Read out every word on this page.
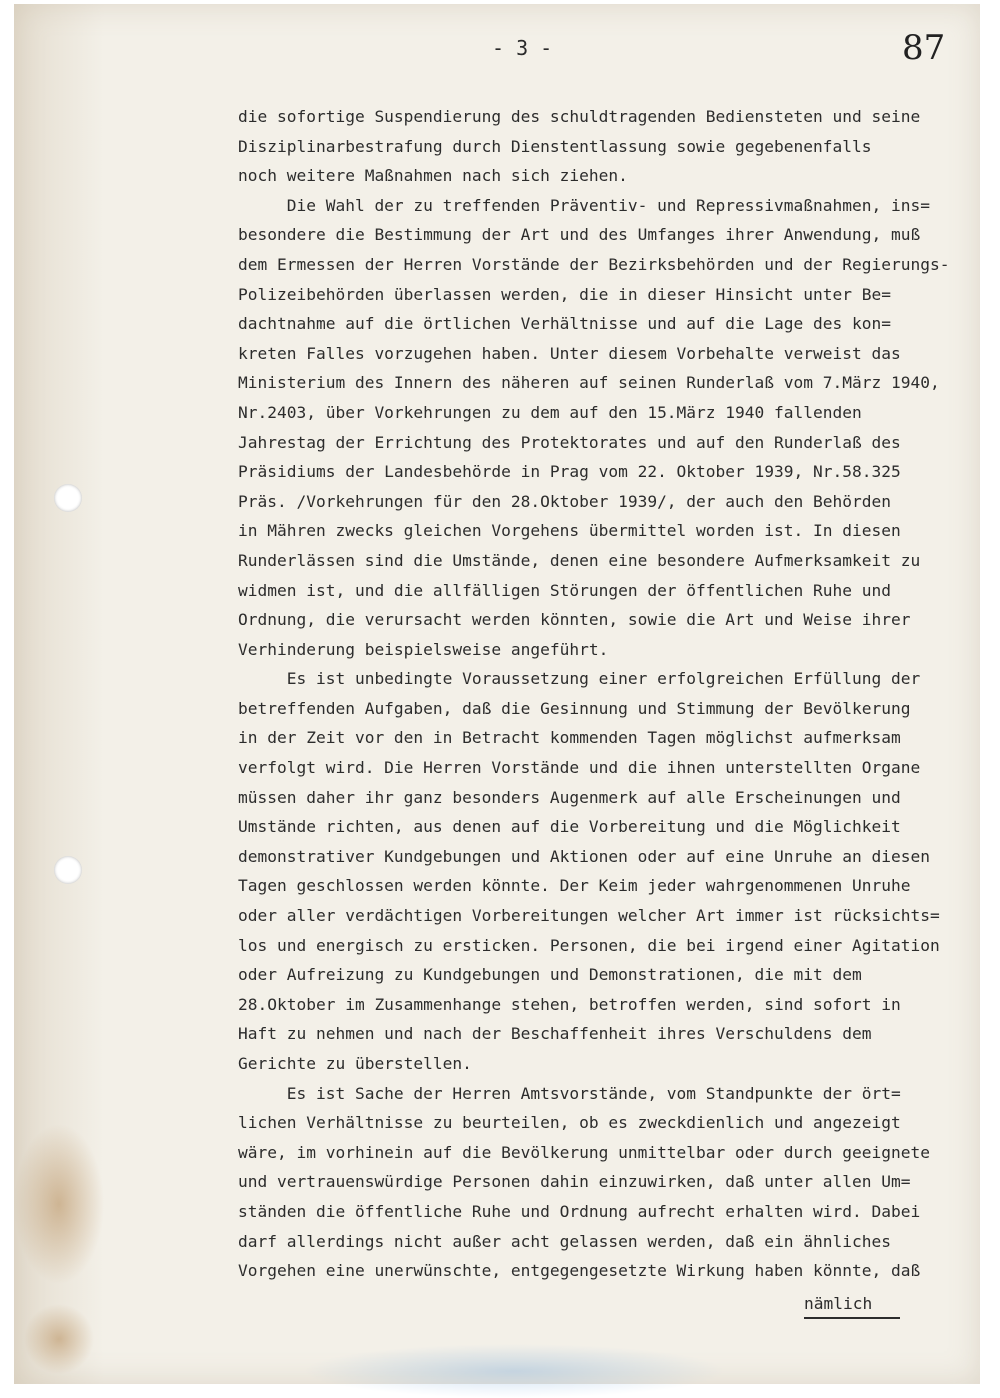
- 3 -	87
die sofortige Suspendierung des schuldtragenden Bediensteten und seine
Disziplinarbestrafung durch Dienstentlassung sowie gegebenenfalls
noch weitere Maßnahmen nach sich ziehen.
Die Wahl der zu treffenden Präventiv- und Repressivmaßnahmen, ins=
besondere die Bestimmung der Art und des Umfanges ihrer Anwendung, muß
dem Ermessen der Herren Vorstände der Bezirksbehörden und der Regierungs-
Polizeibehörden überlassen werden, die in dieser Hinsicht unter Be=
dachtnahme auf die örtlichen Verhältnisse und auf die Lage des kon=
kreten Falles vorzugehen haben. Unter diesem Vorbehalte verweist das
Ministerium des Innern des näheren auf seinen Runderlaß vom 7.März 1940,
Nr.2403, über Vorkehrungen zu dem auf den 15.März 1940 fallenden
Jahrestag der Errichtung des Protektorates und auf den Runderlaß des
Präsidiums der Landesbehörde in Prag vom 22. Oktober 1939, Nr.58.325
Präs. /Vorkehrungen für den 28.Oktober 1939/, der auch den Behörden
in Mähren zwecks gleichen Vorgehens übermittel worden ist. In diesen
Runderlässen sind die Umstände, denen eine besondere Aufmerksamkeit zu
widmen ist, und die allfälligen Störungen der öffentlichen Ruhe und
Ordnung, die verursacht werden könnten, sowie die Art und Weise ihrer
Verhinderung beispielsweise angeführt.
Es ist unbedingte Voraussetzung einer erfolgreichen Erfüllung der
betreffenden Aufgaben, daß die Gesinnung und Stimmung der Bevölkerung
in der Zeit vor den in Betracht kommenden Tagen möglichst aufmerksam
verfolgt wird. Die Herren Vorstände und die ihnen unterstellten Organe
müssen daher ihr ganz besonders Augenmerk auf alle Erscheinungen und
Umstände richten, aus denen auf die Vorbereitung und die Möglichkeit
demonstrativer Kundgebungen und Aktionen oder auf eine Unruhe an diesen
Tagen geschlossen werden könnte. Der Keim jeder wahrgenommenen Unruhe
oder aller verdächtigen Vorbereitungen welcher Art immer ist rücksichts=
los und energisch zu ersticken. Personen, die bei irgend einer Agitation
oder Aufreizung zu Kundgebungen und Demonstrationen, die mit dem
28.Oktober im Zusammenhange stehen, betroffen werden, sind sofort in
Haft zu nehmen und nach der Beschaffenheit ihres Verschuldens dem
Gerichte zu überstellen.
Es ist Sache der Herren Amtsvorstände, vom Standpunkte der ört=
lichen Verhältnisse zu beurteilen, ob es zweckdienlich und angezeigt
wäre, im vorhinein auf die Bevölkerung unmittelbar oder durch geeignete
und vertrauenswürdige Personen dahin einzuwirken, daß unter allen Um=
ständen die öffentliche Ruhe und Ordnung aufrecht erhalten wird. Dabei
darf allerdings nicht außer acht gelassen werden, daß ein ähnliches
Vorgehen eine unerwünschte, entgegengesetzte Wirkung haben könnte, daß
nämlich
